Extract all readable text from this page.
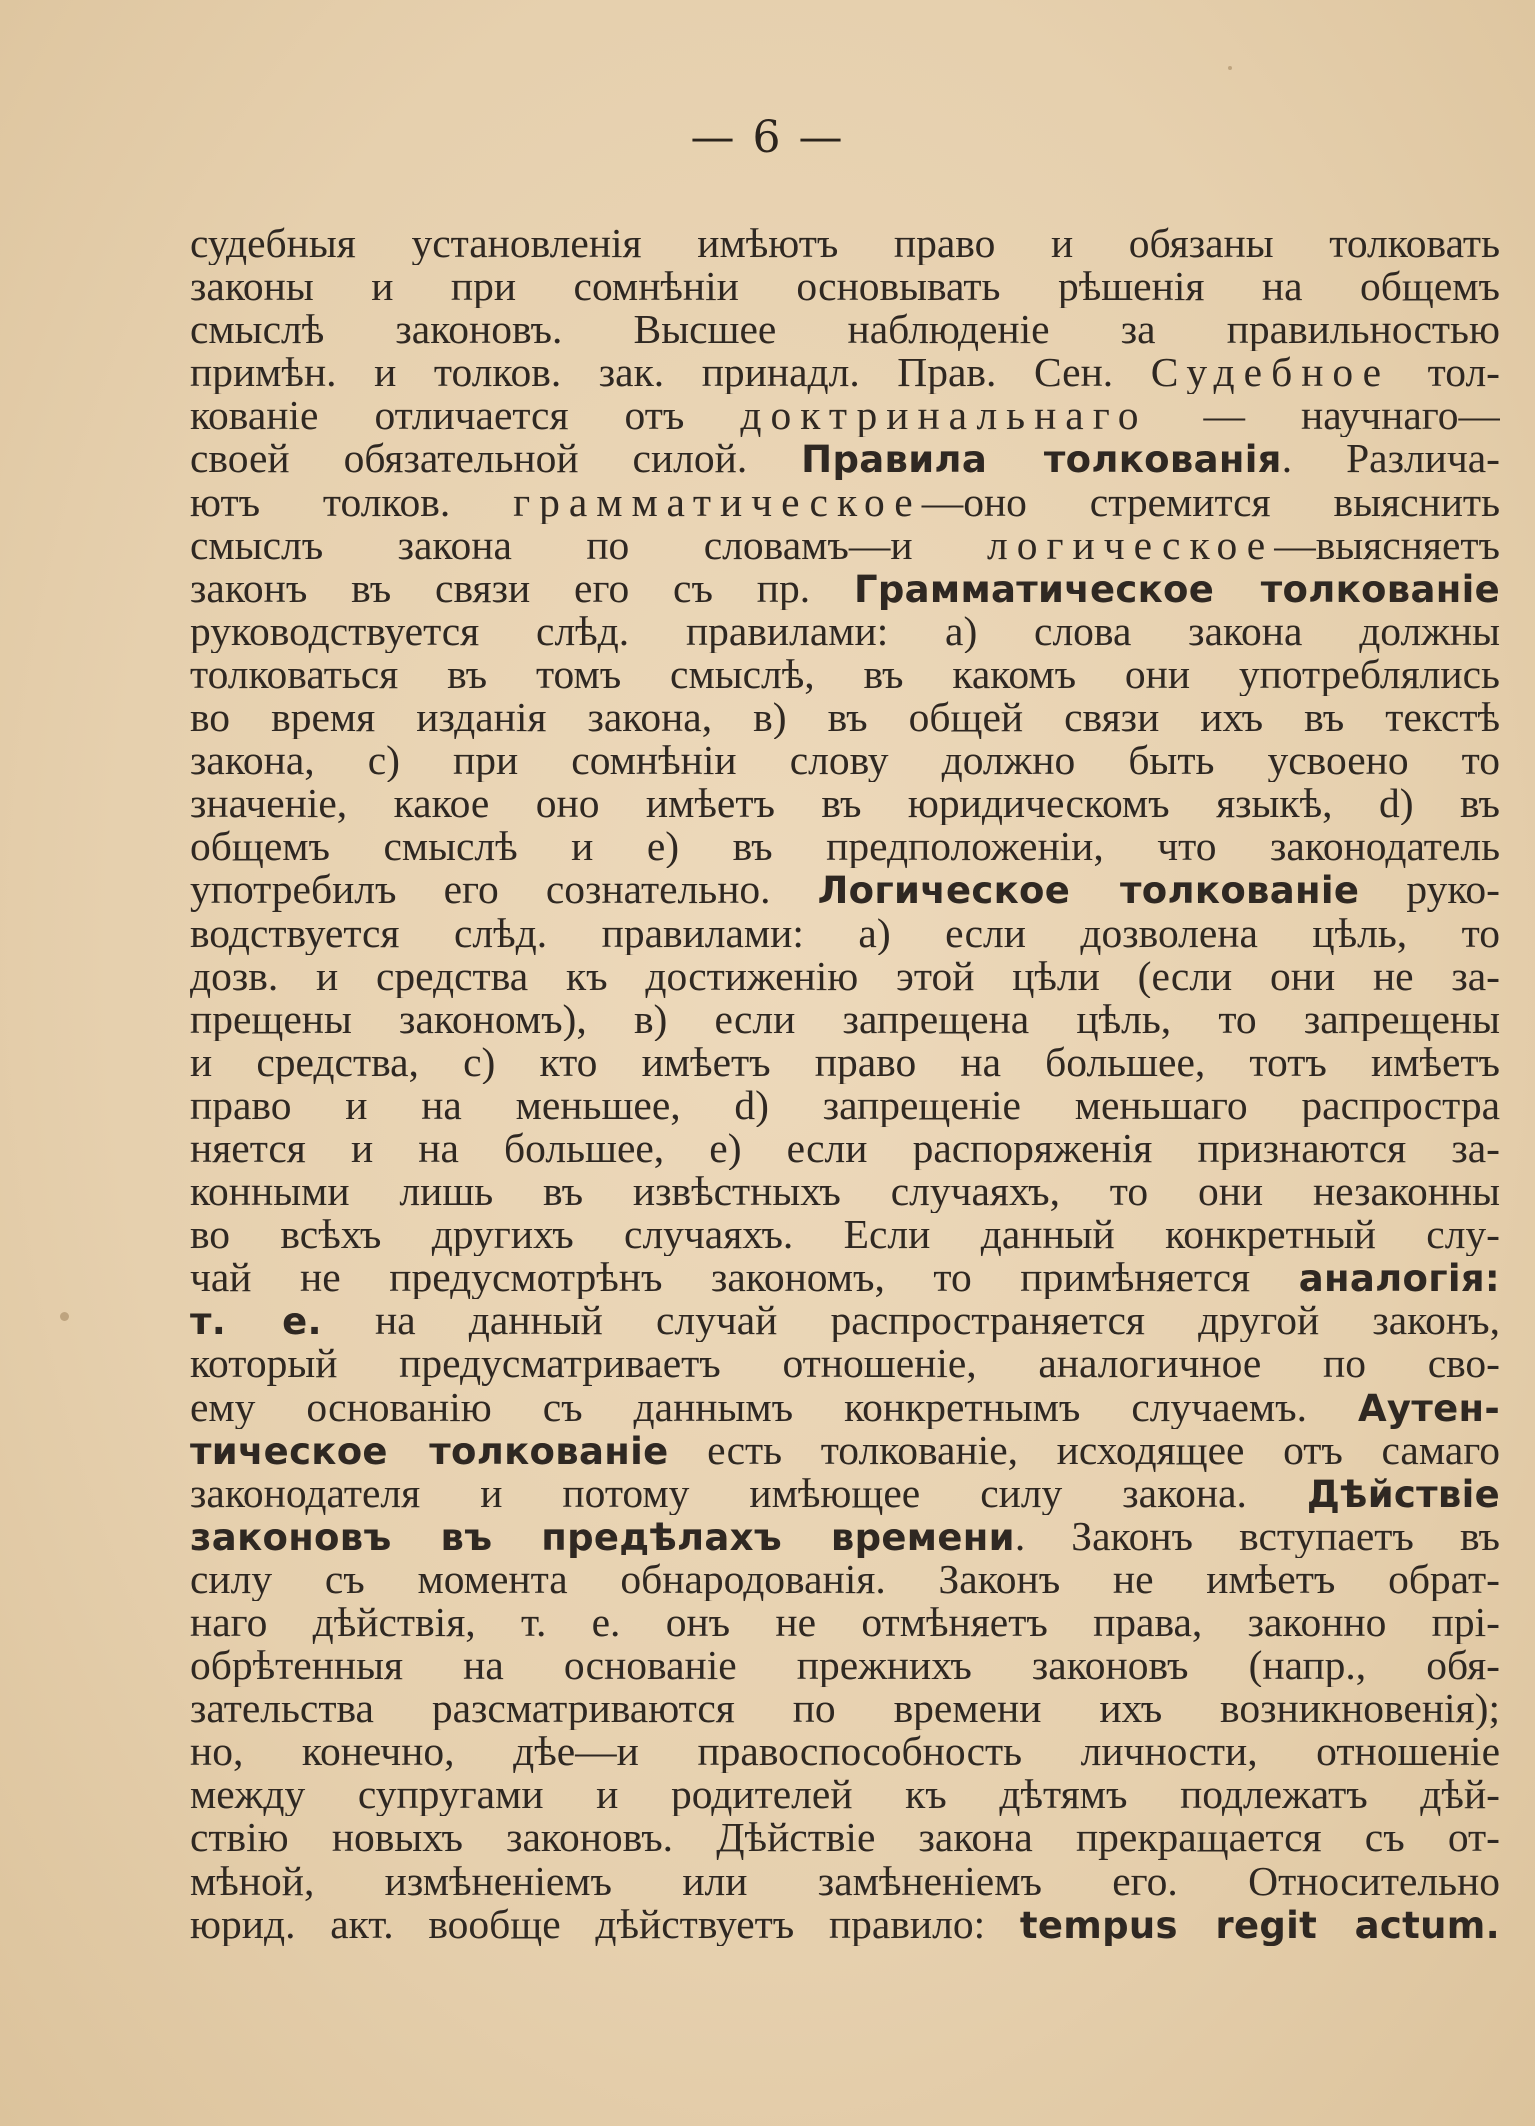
— 6 —
судебныя установленія имѣютъ право и обязаны толковать
законы и при сомнѣніи основывать рѣшенія на общемъ
смыслѣ законовъ. Высшее наблюденіе за правильностью
примѣн. и толков. зак. принадл. Прав. Сен. Судебное тол-
кованіе отличается отъ доктринальнаго — научнаго—
своей обязательной силой. Правила толкованія. Различа-
ютъ толков. грамматическое—оно стремится выяснить
смыслъ закона по словамъ—и логическое—выясняетъ
законъ въ связи его съ пр. Грамматическое толкованіе
руководствуется слѣд. правилами: а) слова закона должны
толковаться въ томъ смыслѣ, въ какомъ они употреблялись
во время изданія закона, в) въ общей связи ихъ въ текстѣ
закона, с) при сомнѣніи слову должно быть усвоено то
значеніе, какое оно имѣетъ въ юридическомъ языкѣ, d) въ
общемъ смыслѣ и е) въ предположеніи, что законодатель
употребилъ его сознательно. Логическое толкованіе руко-
водствуется слѣд. правилами: а) если дозволена цѣль, то
дозв. и средства къ достиженію этой цѣли (если они не за-
прещены закономъ), в) если запрещена цѣль, то запрещены
и средства, с) кто имѣетъ право на большее, тотъ имѣетъ
право и на меньшее, d) запрещеніе меньшаго распростра
няется и на большее, е) если распоряженія признаются за-
конными лишь въ извѣстныхъ случаяхъ, то они незаконны
во всѣхъ другихъ случаяхъ. Если данный конкретный слу-
чай не предусмотрѣнъ закономъ, то примѣняется аналогія:
т. е. на данный случай распространяется другой законъ,
который предусматриваетъ отношеніе, аналогичное по сво-
ему основанію съ даннымъ конкретнымъ случаемъ. Аутен-
тическое толкованіе есть толкованіе, исходящее отъ самаго
законодателя и потому имѣющее силу закона. Дѣйствіе
законовъ въ предѣлахъ времени. Законъ вступаетъ въ
силу съ момента обнародованія. Законъ не имѣетъ обрат-
наго дѣйствія, т. е. онъ не отмѣняетъ права, законно прі-
обрѣтенныя на основаніе прежнихъ законовъ (напр., обя-
зательства разсматриваются по времени ихъ возникновенія);
но, конечно, дѣе—и правоспособность личности, отношеніе
между супругами и родителей къ дѣтямъ подлежатъ дѣй-
ствію новыхъ законовъ. Дѣйствіе закона прекращается съ от-
мѣной, измѣненіемъ или замѣненіемъ его. Относительно
юрид. акт. вообще дѣйствуетъ правило: tempus regit actum.
